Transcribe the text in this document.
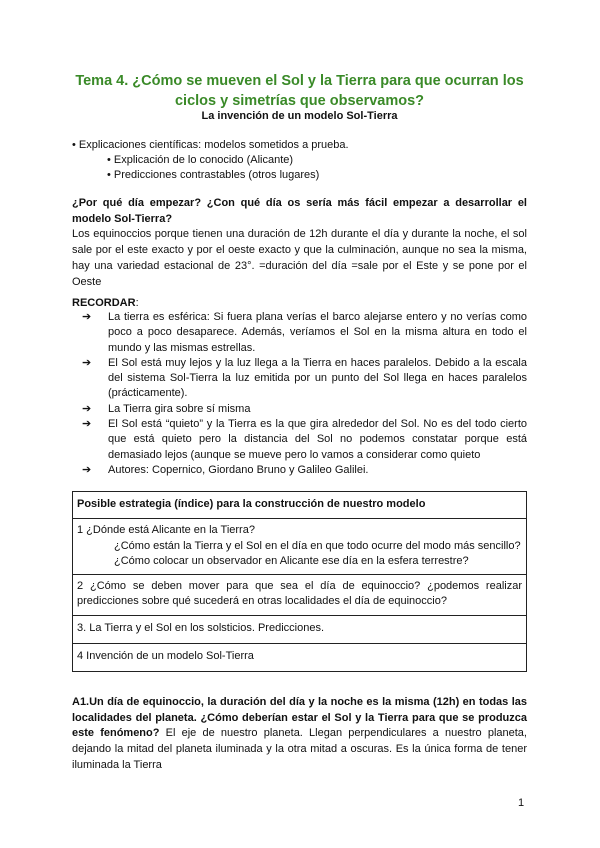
Tema 4. ¿Cómo se mueven el Sol y la Tierra para que ocurran los ciclos y simetrías que observamos?
La invención de un modelo Sol-Tierra
• Explicaciones científicas: modelos sometidos a prueba.
• Explicación de lo conocido (Alicante)
• Predicciones contrastables (otros lugares)
¿Por qué día empezar? ¿Con qué día os sería más fácil empezar a desarrollar el modelo Sol-Tierra?
Los equinoccios porque tienen una duración de 12h durante el día y durante la noche, el sol sale por el este exacto y por el oeste exacto y que la culminación, aunque no sea la misma, hay una variedad estacional de 23°. =duración del día =sale por el Este y se pone por el Oeste
RECORDAR:
➔ La tierra es esférica: Si fuera plana verías el barco alejarse entero y no verías como poco a poco desaparece. Además, veríamos el Sol en la misma altura en todo el mundo y las mismas estrellas.
➔ El Sol está muy lejos y la luz llega a la Tierra en haces paralelos. Debido a la escala del sistema Sol-Tierra la luz emitida por un punto del Sol llega en haces paralelos (prácticamente).
➔ La Tierra gira sobre sí misma
➔ El Sol está “quieto” y la Tierra es la que gira alrededor del Sol. No es del todo cierto que está quieto pero la distancia del Sol no podemos constatar porque está demasiado lejos (aunque se mueve pero lo vamos a considerar como quieto
➔ Autores: Copernico, Giordano Bruno y Galileo Galilei.
Posible estrategia (índice) para la construcción de nuestro modelo

1 ¿Dónde está Alicante en la Tierra?
¿Cómo están la Tierra y el Sol en el día en que todo ocurre del modo más sencillo?
¿Cómo colocar un observador en Alicante ese día en la esfera terrestre?

2 ¿Cómo se deben mover para que sea el día de equinoccio? ¿podemos realizar predicciones sobre qué sucederá en otras localidades el día de equinoccio?
3. La Tierra y el Sol en los solsticios. Predicciones.
4 Invención de un modelo Sol-Tierra
A1.Un día de equinoccio, la duración del día y la noche es la misma (12h) en todas las localidades del planeta. ¿Cómo deberían estar el Sol y la Tierra para que se produzca este fenómeno? El eje de nuestro planeta. Llegan perpendiculares a nuestro planeta, dejando la mitad del planeta iluminada y la otra mitad a oscuras. Es la única forma de tener iluminada la Tierra
1
